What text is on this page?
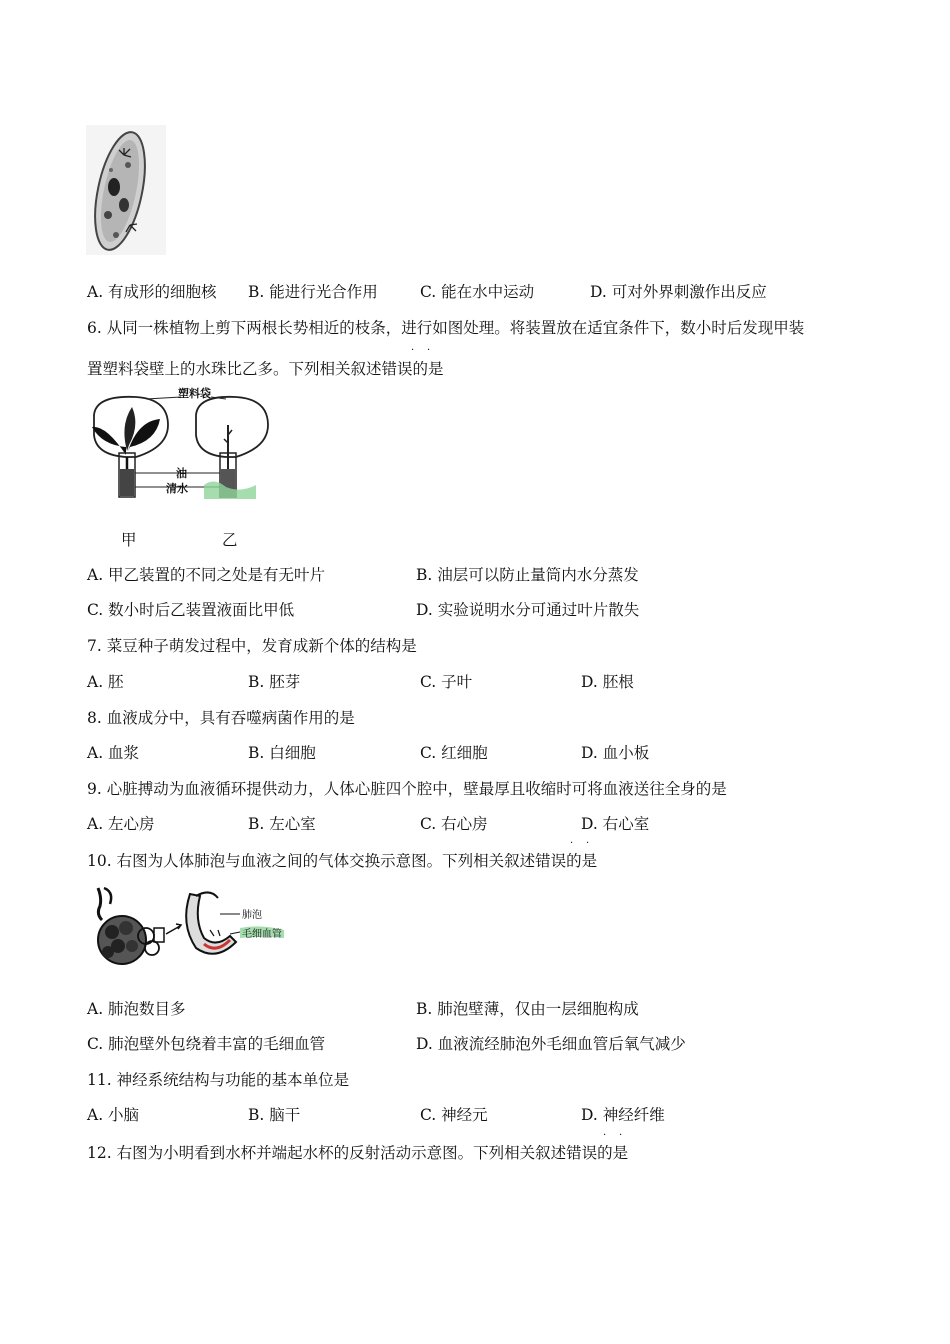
A. 有成形的细胞核 B. 能进行光合作用	C. 能在水中运动	D. 可对外界刺激作出反应
6. 从同一株植物上剪下两根长势相近的枝条，进行如图处理。将装置放在适宜条件下，数小时后发现甲装
· ·
置塑料袋壁上的水珠比乙多。下列相关叙述错误的是
塑料袋
油
清水
甲	乙
A. 甲乙装置的不同之处是有无叶片	B. 油层可以防止量筒内水分蒸发
C. 数小时后乙装置液面比甲低	D. 实验说明水分可通过叶片散失
7. 菜豆种子萌发过程中，发育成新个体的结构是
A. 胚	B. 胚芽	C. 子叶	D. 胚根
8. 血液成分中，具有吞噬病菌作用的是
A. 血浆	B. 白细胞	C. 红细胞	D. 血小板
9. 心脏搏动为血液循环提供动力，人体心脏四个腔中，壁最厚且收缩时可将血液送往全身的是
A. 左心房	B. 左心室	C. 右心房	D. 右心室
· ·
10. 右图为人体肺泡与血液之间的气体交换示意图。下列相关叙述错误的是
肺泡
毛细血管
A. 肺泡数目多	B. 肺泡壁薄，仅由一层细胞构成
C. 肺泡壁外包绕着丰富的毛细血管	D. 血液流经肺泡外毛细血管后氧气减少
11. 神经系统结构与功能的基本单位是
A. 小脑	B. 脑干	C. 神经元	D. 神经纤维
· ·
12. 右图为小明看到水杯并端起水杯的反射活动示意图。下列相关叙述错误的是
